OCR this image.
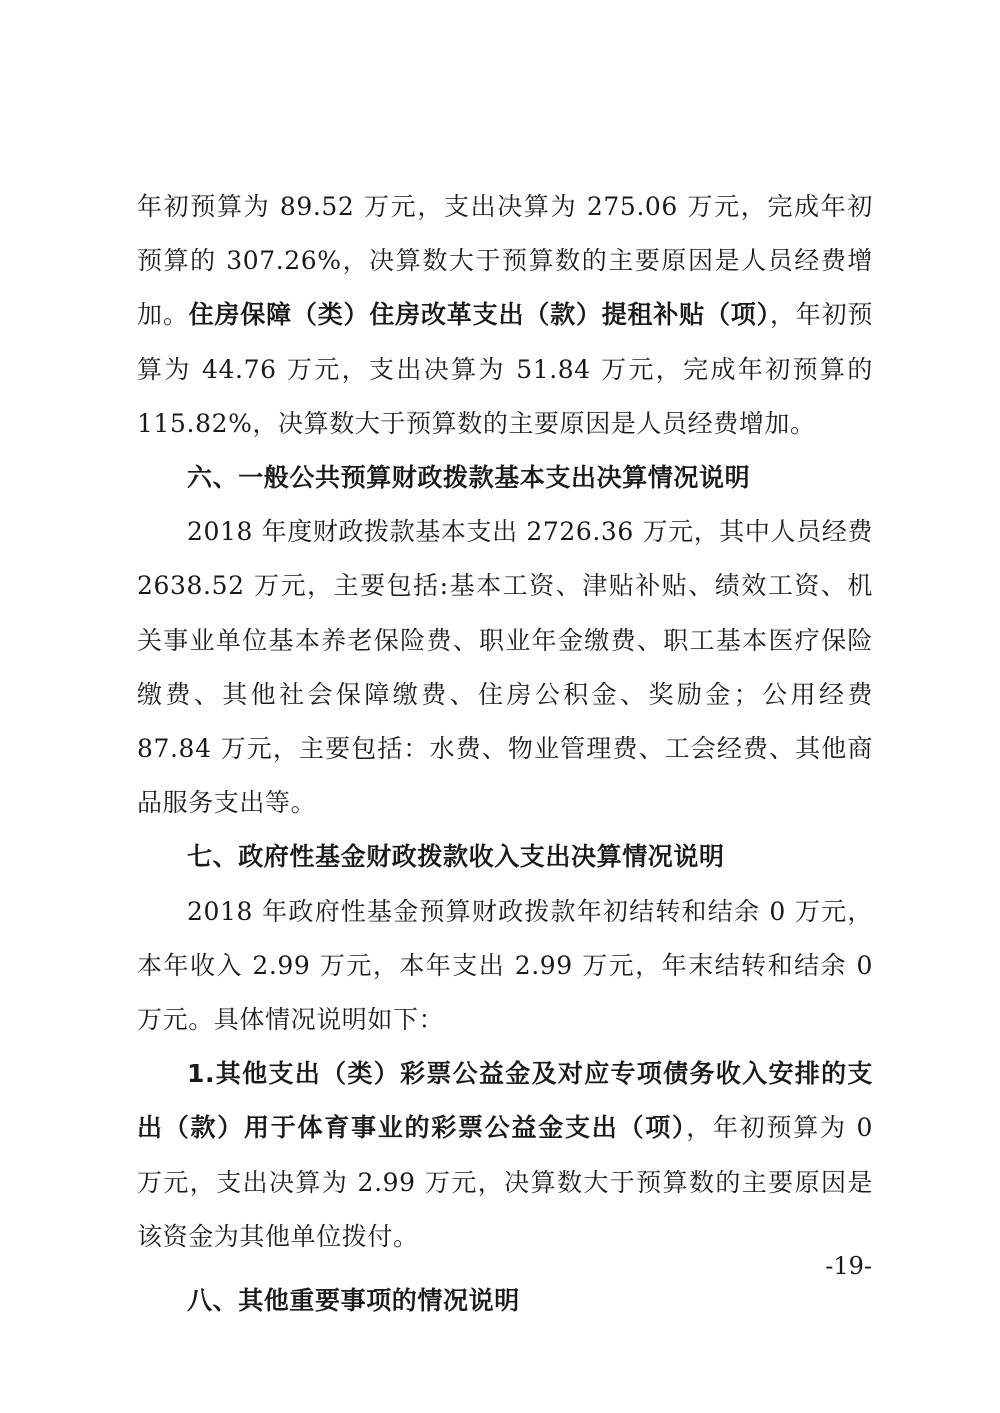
年初预算为 89.52 万元，支出决算为 275.06 万元，完成年初预算的 307.26%，决算数大于预算数的主要原因是人员经费增加。住房保障（类）住房改革支出（款）提租补贴（项），年初预算为 44.76 万元，支出决算为 51.84 万元，完成年初预算的 115.82%，决算数大于预算数的主要原因是人员经费增加。

六、一般公共预算财政拨款基本支出决算情况说明

2018 年度财政拨款基本支出 2726.36 万元，其中人员经费 2638.52 万元，主要包括:基本工资、津贴补贴、绩效工资、机关事业单位基本养老保险费、职业年金缴费、职工基本医疗保险缴费、其他社会保障缴费、住房公积金、奖励金；公用经费 87.84 万元，主要包括：水费、物业管理费、工会经费、其他商品服务支出等。

七、政府性基金财政拨款收入支出决算情况说明

2018 年政府性基金预算财政拨款年初结转和结余 0 万元，本年收入 2.99 万元，本年支出 2.99 万元，年末结转和结余 0 万元。具体情况说明如下：

1.其他支出（类）彩票公益金及对应专项债务收入安排的支出（款）用于体育事业的彩票公益金支出（项），年初预算为 0 万元，支出决算为 2.99 万元，决算数大于预算数的主要原因是该资金为其他单位拨付。

八、其他重要事项的情况说明

-19-
